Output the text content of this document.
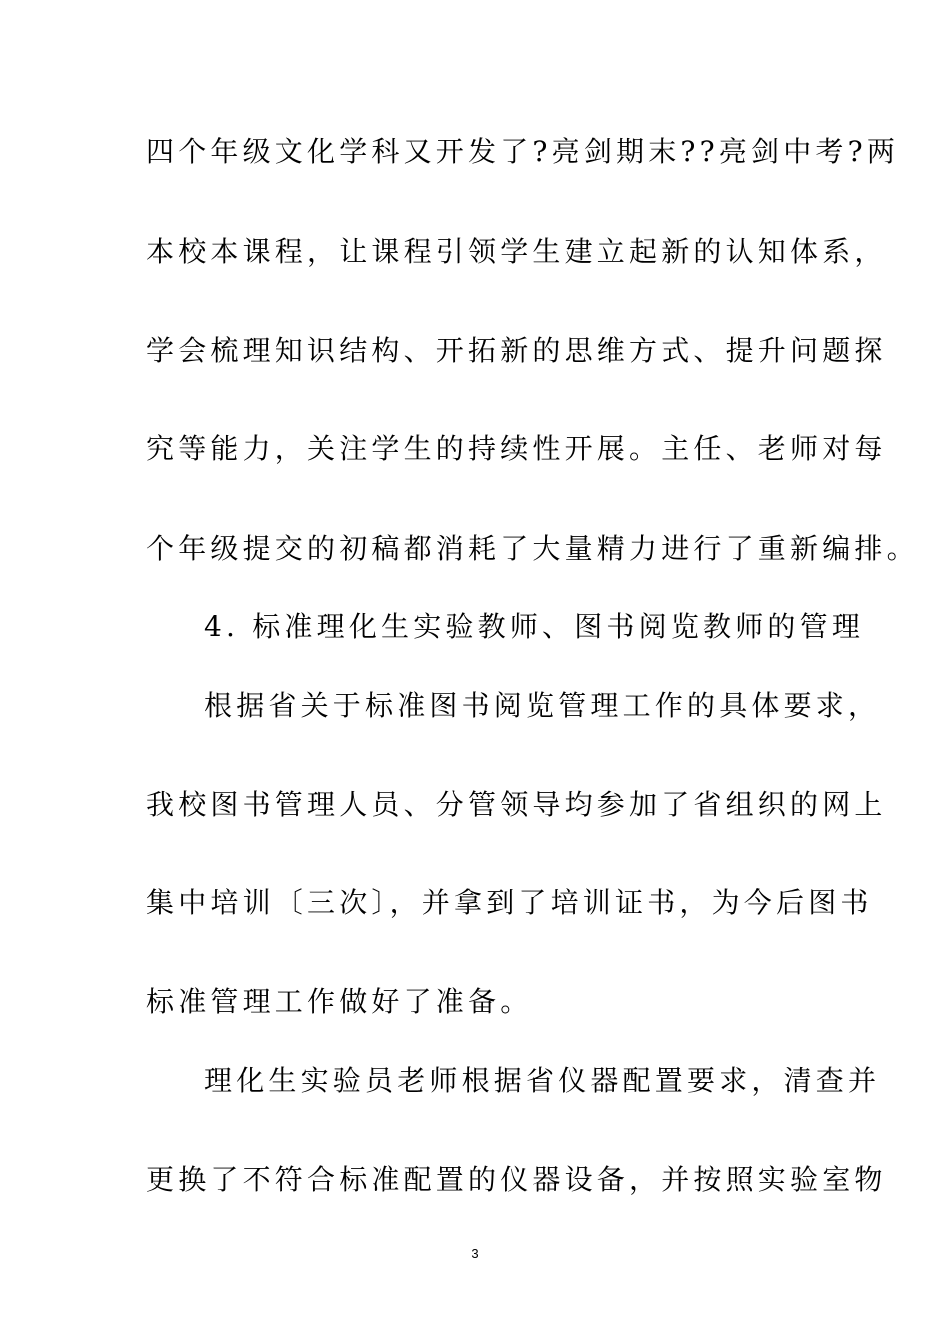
四个年级文化学科又开发了?亮剑期末??亮剑中考?两

本校本课程，让课程引领学生建立起新的认知体系，

学会梳理知识结构、开拓新的思维方式、提升问题探

究等能力，关注学生的持续性开展。主任、老师对每

个年级提交的初稿都消耗了大量精力进行了重新编排。

4. 标准理化生实验教师、图书阅览教师的管理

根据省关于标准图书阅览管理工作的具体要求，

我校图书管理人员、分管领导均参加了省组织的网上

集中培训〔三次〕，并拿到了培训证书，为今后图书

标准管理工作做好了准备。

理化生实验员老师根据省仪器配置要求，清查并

更换了不符合标准配置的仪器设备，并按照实验室物

3
